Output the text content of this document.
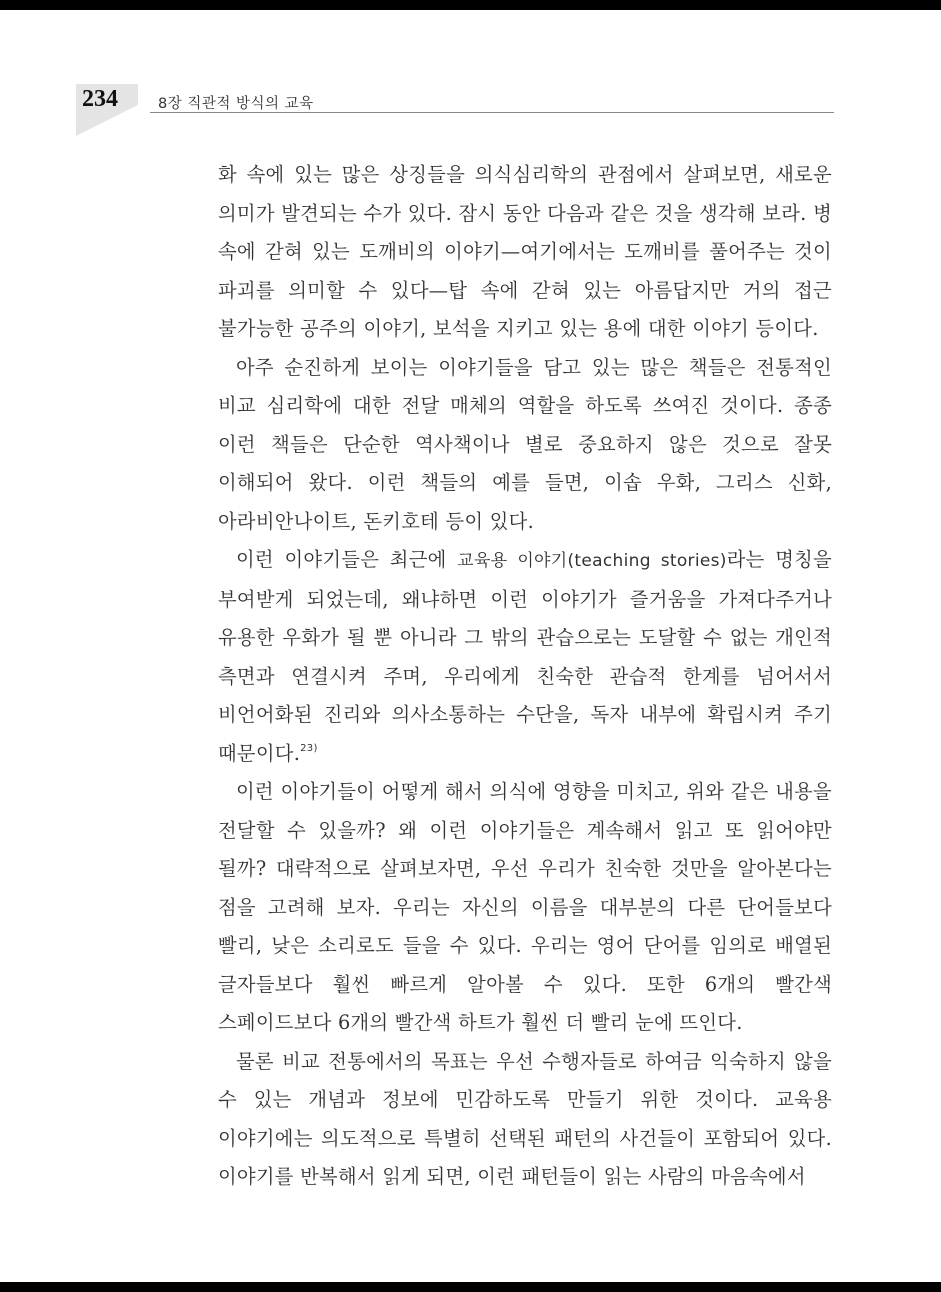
234	8장 직관적 방식의 교육

화 속에 있는 많은 상징들을 의식심리학의 관점에서 살펴보면, 새로운 의미가 발견되는 수가 있다. 잠시 동안 다음과 같은 것을 생각해 보라. 병 속에 갇혀 있는 도깨비의 이야기—여기에서는 도깨비를 풀어주는 것이 파괴를 의미할 수 있다—탑 속에 갇혀 있는 아름답지만 거의 접근 불가능한 공주의 이야기, 보석을 지키고 있는 용에 대한 이야기 등이다.

아주 순진하게 보이는 이야기들을 담고 있는 많은 책들은 전통적인 비교 심리학에 대한 전달 매체의 역할을 하도록 쓰여진 것이다. 종종 이런 책들은 단순한 역사책이나 별로 중요하지 않은 것으로 잘못 이해되어 왔다. 이런 책들의 예를 들면, 이솝 우화, 그리스 신화, 아라비안나이트, 돈키호테 등이 있다.

이런 이야기들은 최근에 교육용 이야기(teaching stories)라는 명칭을 부여받게 되었는데, 왜냐하면 이런 이야기가 즐거움을 가져다주거나 유용한 우화가 될 뿐 아니라 그 밖의 관습으로는 도달할 수 없는 개인적 측면과 연결시켜 주며, 우리에게 친숙한 관습적 한계를 넘어서서 비언어화된 진리와 의사소통하는 수단을, 독자 내부에 확립시켜 주기 때문이다.$^{23)}$

이런 이야기들이 어떻게 해서 의식에 영향을 미치고, 위와 같은 내용을 전달할 수 있을까? 왜 이런 이야기들은 계속해서 읽고 또 읽어야만 될까? 대략적으로 살펴보자면, 우선 우리가 친숙한 것만을 알아본다는 점을 고려해 보자. 우리는 자신의 이름을 대부분의 다른 단어들보다 빨리, 낮은 소리로도 들을 수 있다. 우리는 영어 단어를 임의로 배열된 글자들보다 훨씬 빠르게 알아볼 수 있다. 또한 6개의 빨간색 스페이드보다 6개의 빨간색 하트가 훨씬 더 빨리 눈에 뜨인다.

물론 비교 전통에서의 목표는 우선 수행자들로 하여금 익숙하지 않을 수 있는 개념과 정보에 민감하도록 만들기 위한 것이다. 교육용 이야기에는 의도적으로 특별히 선택된 패턴의 사건들이 포함되어 있다. 이야기를 반복해서 읽게 되면, 이런 패턴들이 읽는 사람의 마음속에서
